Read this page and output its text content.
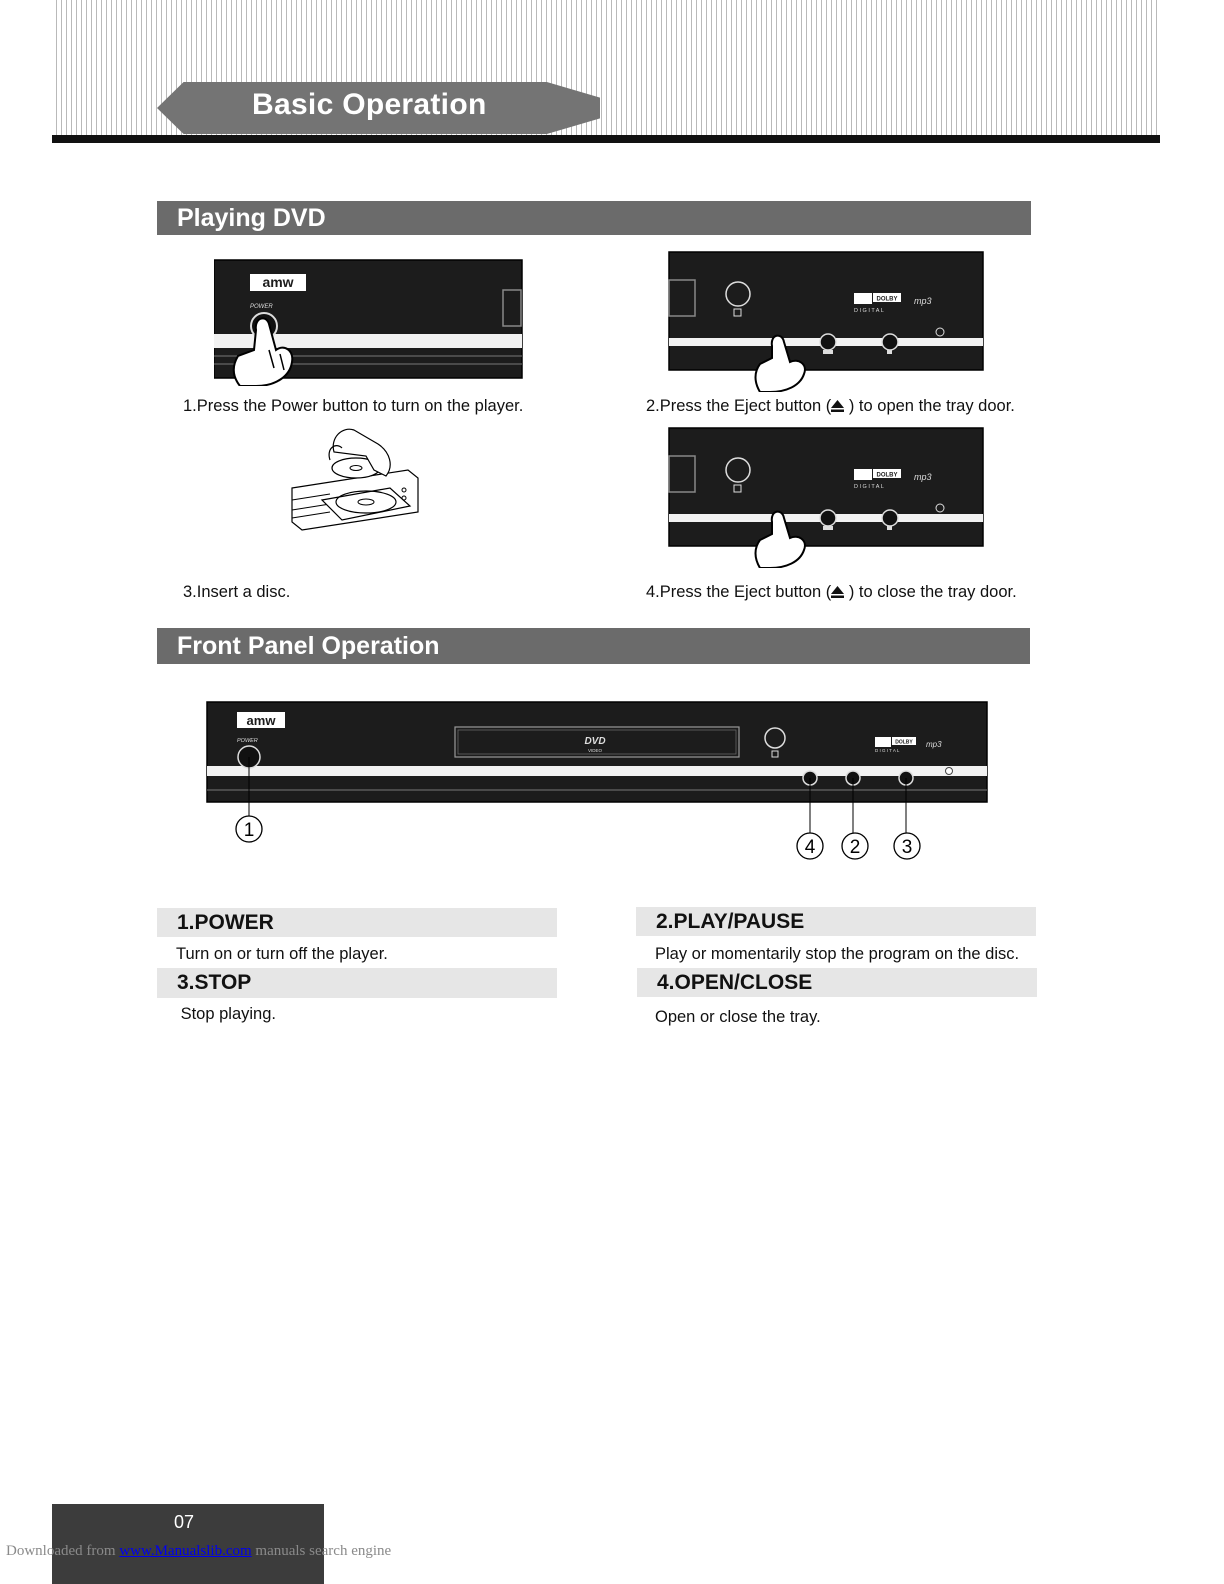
Basic Operation
Playing DVD
amw
POWER
DOLBY
D I G I T A L
mp3
1.Press the Power button to turn on the player.	2.Press the Eject button ( ) to open the tray door.
DOLBY
D I G I T A L
mp3
3.Insert a disc.	4.Press the Eject button ( ) to close the tray door.
Front Panel Operation
amw
POWER	DVD
VIDEO
DOLBY
D I G I T A L
mp3
1
4 2 3
1.POWER
Turn on or turn off the player.
2.PLAY/PAUSE
Play or momentarily stop the program on the disc.
3.STOP
Stop playing.
4.OPEN/CLOSE
Open or close the tray.
07
Downloaded from www.Manualslib.com manuals search engine
